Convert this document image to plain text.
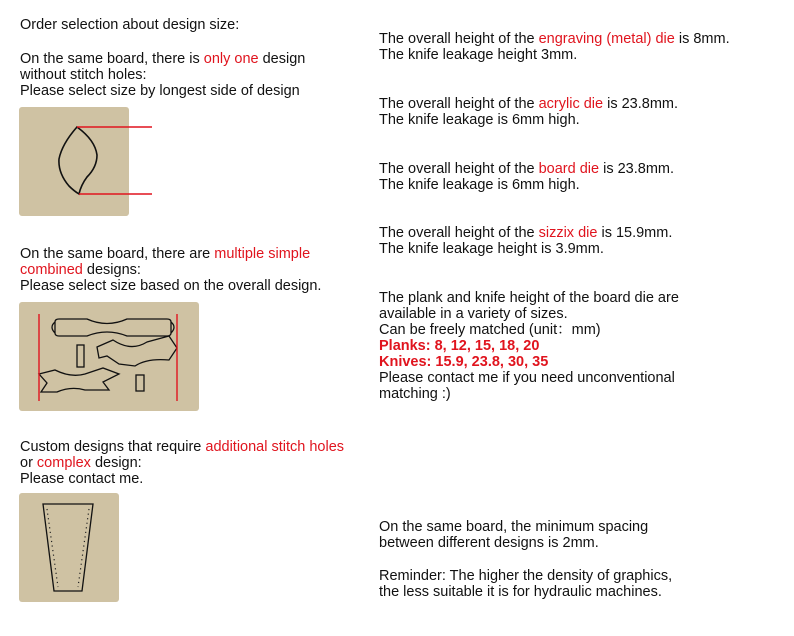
Order selection about design size:
On the same board, there is only one design
without stitch holes:
Please select size by longest side of design
On the same board, there are multiple simple
combined designs:
Please select size based on the overall design.
Custom designs that require additional stitch holes
or complex design:
Please contact me.
The overall height of the engraving (metal) die is 8mm.
The knife leakage height 3mm.
The overall height of the acrylic die is 23.8mm.
The knife leakage is 6mm high.
The overall height of the board die is 23.8mm.
The knife leakage is 6mm high.
The overall height of the sizzix die is 15.9mm.
The knife leakage height is 3.9mm.
The plank and knife height of the board die are
available in a variety of sizes.
Can be freely matched (unit：mm)
Planks: 8, 12, 15, 18, 20
Knives: 15.9, 23.8, 30, 35
Please contact me if you need unconventional
matching :)
On the same board, the minimum spacing
between different designs is 2mm.
Reminder: The higher the density of graphics,
the less suitable it is for hydraulic machines.
